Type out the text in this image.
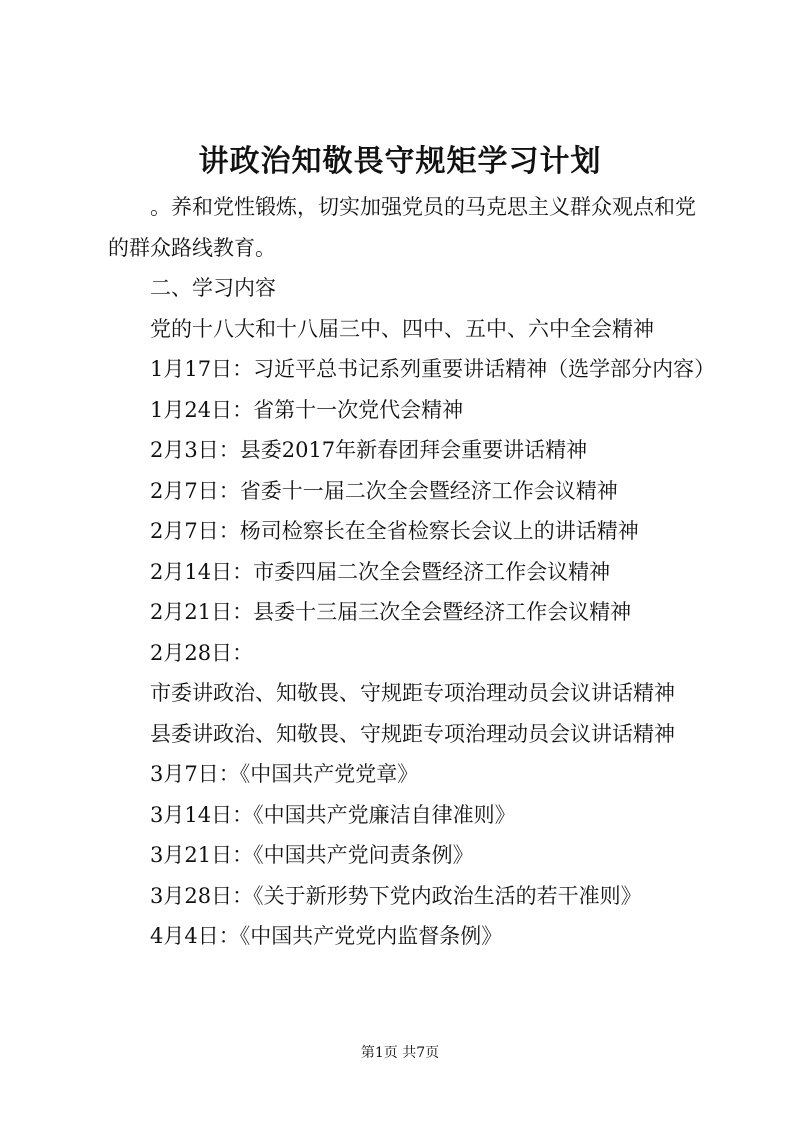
讲政治知敬畏守规矩学习计划

。养和党性锻炼，切实加强党员的马克思主义群众观点和党的群众路线教育。

二、学习内容

党的十八大和十八届三中、四中、五中、六中全会精神

1月17日：习近平总书记系列重要讲话精神（选学部分内容）

1月24日：省第十一次党代会精神

2月3日：县委2017年新春团拜会重要讲话精神

2月7日：省委十一届二次全会暨经济工作会议精神

2月7日：杨司检察长在全省检察长会议上的讲话精神

2月14日：市委四届二次全会暨经济工作会议精神

2月21日：县委十三届三次全会暨经济工作会议精神

2月28日：

市委讲政治、知敬畏、守规距专项治理动员会议讲话精神

县委讲政治、知敬畏、守规距专项治理动员会议讲话精神

3月7日：《中国共产党党章》

3月14日：《中国共产党廉洁自律准则》

3月21日：《中国共产党问责条例》

3月28日：《关于新形势下党内政治生活的若干准则》

4月4日：《中国共产党党内监督条例》

第1页 共7页
